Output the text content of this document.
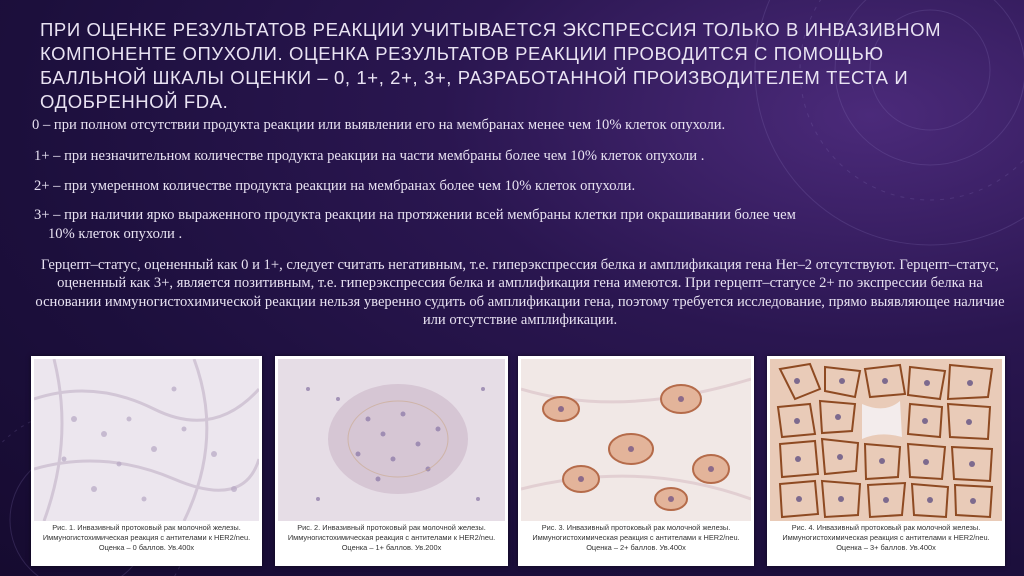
ПРИ ОЦЕНКЕ РЕЗУЛЬТАТОВ РЕАКЦИИ УЧИТЫВАЕТСЯ ЭКСПРЕССИЯ ТОЛЬКО В ИНВАЗИВНОМ КОМПОНЕНТЕ ОПУХОЛИ. ОЦЕНКА РЕЗУЛЬТАТОВ РЕАКЦИИ ПРОВОДИТСЯ С ПОМОЩЬЮ БАЛЛЬНОЙ ШКАЛЫ ОЦЕНКИ – 0, 1+, 2+, 3+, РАЗРАБОТАННОЙ ПРОИЗВОДИТЕЛЕМ ТЕСТА И ОДОБРЕННОЙ FDA.
0 – при полном отсутствии продукта реакции или выявлении его на мембранах менее чем 10% клеток опухоли.
1+ – при незначительном количестве продукта реакции на части мембраны более чем 10% клеток опухоли .
2+ – при умеренном количестве продукта реакции на мембранах более чем 10% клеток опухоли.
3+ – при наличии ярко выраженного продукта реакции на протяжении всей мембраны клетки при окрашивании более чем
10% клеток опухоли .
Герцепт–статус, оцененный как 0 и 1+, следует считать негативным, т.е. гиперэкспрессия белка и амплификация гена Her–2 отсутствуют. Герцепт–статус, оцененный как 3+, является позитивным, т.е. гиперэкспрессия белка и амплификация гена имеются. При герцепт–статусе 2+ по экспрессии белка на основании иммуногистохимической реакции нельзя уверенно судить об амплификации гена, поэтому требуется исследование, прямо выявляющее наличие или отсутствие амплификации.
Рис. 1. Инвазивный протоковый рак молочной железы. Иммуногистохимическая реакция с антителами к HER2/neu. Оценка – 0 баллов. Ув.400х
Рис. 2. Инвазивный протоковый рак молочной железы. Иммуногистохимическая реакция с антителами к HER2/neu. Оценка – 1+ баллов. Ув.200х
Рис. 3. Инвазивный протоковый рак молочной железы. Иммуногистохимическая реакция с антителами к HER2/neu. Оценка – 2+ баллов. Ув.400х
Рис. 4. Инвазивный протоковый рак молочной железы. Иммуногистохимическая реакция с антителами к HER2/neu. Оценка – 3+ баллов. Ув.400х
